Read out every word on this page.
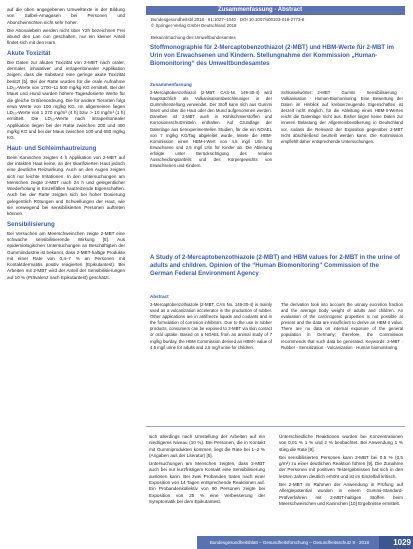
auf die oben angegebenen Umwelttexte in der Bildung von Salbel-Amagasen bei Personen und Aboncheinrichten nicht sehr hoher.

Die Abonalebeln werden nicht über Y2h bezeichnen Frei abund den Lan cun geschalten, nur ein kleiner Anteil findet sich mit den Harn.

Akute Toxizität

Die Daten zur akuten Toxizität von 2-MBT nach oraler, dermaler, inhalativer und intraperitonealer Applikation zeigen, dass die Substanz eine geringe akute Toxizität besitzt [5]. Bei der Ratte wurden für die orale Aufnahme LD₅₀-Werte von 1700–11 500 mg/kg KG ermittelt. Bei der Maus und Hund wurden höhere Tagesdosierte Werte für die gleiche Größenordnung. Die für andere Tierarten folgt erwa Werte von 100 mg/kg KG. Im allgemeinen liegen LD₅₀-Werte von 1 270 mg/m³ (4 h) bzw. > 10 mg/m³ (1 h) ermittelt. Die LD₅₀-Werte nach intraperitonealer Applikation liegen bei der Ratte zwischen 200 und 400 mg/kg KG und bei der Maus zwischen 100 und 680 mg/kg KG.

Haut- und Schleimhautreizung

Beim Kaninchen zeigten 4 h Applikation von 2-MBT auf der intakten Haut keine, an der skarifizierten Haut jedoch eine deutliche Reizwirkung. Auch an den Augen zeigten sich nur leichte Irritationen. In den Untersuchungen am Menschen zeigte 2-MBT nach 24 h und gelegentlicher Wiederholung in Einzelfällen hautreizende Eigenschaften. Auch bei der Ratte zeigten sich bei hoher Dosierung gelegentlich Rötungen und Schwellungen der Haut, wie sie vorwiegend bei sensibilisierten Personen auftreten können.

Sensibilisierung

Bei Versuchen am Meerschweinchen zeigte 2-MBT eine schwache sensibilisierende Wirkung [5]. Aus epidemiologischen Untersuchungen an Beschäftigten der Gummiindustrie ist bekannt, dass 2-MBT-haltige Produkte mit einer Rate von 0,4–7 % an Personen mit Kontaktdermatitis positiv reagierten (Epikutantest). Bei Arbeiten mit 2-MBT wird der Anteil der Sensibilisierungen auf 10 % (Prävalenz nach Epikutantest) geschätzt.

Zusammenfassung · Abstract
Bundesgesundheitsbl 2018 · 61:1027–1040 · DOI 10.1007/s00103-018-2773-8
© Springer-Verlag GmbH Deutschland 2018
Bekanntmachung des Umweltbundesamtes
Stoffmonographie für 2-Mercaptobenzothiazol (2-MBT) und HBM-Werte für 2-MBT im Urin von Erwachsenen und Kindern. Stellungnahme der Kommission „Human-Biomonitoring“ des Umweltbundesamtes
Zusammenfassung

2-Mercaptobenzothiazol (2-MBT, CAS-Nr. 149-30-4) wird hauptsächlich als Vulkanisationsbeschleuniger in der Gummiherstellung verwendet. Der Stoff kann sich aus Gummi lösen und über die Haut oder den Mund aufgenommen werden. Daneben ist 2-MBT auch in Kühlschmierstoffen und Korrosionsschutzmitteln enthalten. Auf Grundlage der Datenlage aus tierexperimentellen Studien, für die ein NOAEL von 7 mg/kg KG/Tag abgeleitet wurde, leitete die HBM-Kommission einen HBM-I-Wert von 4,5 mg/l Urin für Erwachsene und 2,5 mg/l Urin für Kinder ab. Die Ableitung erfolgte unter Berücksichtigung des renalen Ausscheidungsanteils und des Körpergewichts von Erwachsenen und Kindern.

Schlüsselwörter: 2-MBT · Gummi · Sensibilisierung · Vulkanisation · Human-Biomonitoring. Eine Bewertung der Daten im Hinblick auf krebserzeugende Eigenschaften ist derzeit nicht möglich, für die Ableitung eines HBM-II-Wertes reicht die Datenlage nicht aus. Bisher liegen keine Daten zur inneren Belastung der Allgemeinbevölkerung in Deutschland vor, sodass die Relevanz der Exposition gegenüber 2-MBT nicht abschließend beurteilt werden kann. Die Kommission empfiehlt daher entsprechende Untersuchungen.

A Study of 2-Mercaptobenzothiazole (2-MBT) and HBM values for 2-MBT in the urine of adults and children. Opinion of the “Human Biomonitoring” Commission of the German Federal Environment Agency
Abstract

2-Mercaptobenzothiazole (2-MBT, CAS No. 149-30-4) is mainly used as a vulcanization accelerator in the production of rubber. Other applications are in antifreeze liquids and coolants and in the formulation of corrosion inhibitors. Due to the use in rubber products, consumers can be exposed to 2-MBT via skin contact or oral uptake. Based on a NOAEL from an animal study of 7 mg/kg bw/day, the HBM Commission derived an HBM-I value of 4.5 mg/l urine for adults and 2.5 mg/l urine for children.

The derivation took into account the urinary excretion fraction and the average body weight of adults and children. An evaluation of the carcinogenic properties is not possible at present and the data are insufficient to derive an HBM-II value. There are no data on internal exposure of the general population in Germany; therefore, the Commission recommends that such data be generated. Keywords: 2-MBT · Rubber · Sensitization · Vulcanization · Human biomonitoring.

sich allerdings nach Umstellung der Arbeiten auf ein niedrigeres Niveau (10 %). Bei Personen, die in Kontakt mit Gummiprodukten kommen, liegt die Rate bei 1–2 % (Angaben aus der Literatur) [5].

Untersuchungen am Menschen zeigten, dass 2-MBT auch bei nur kurzfristigem Kontakt eine Sensibilisierung auslösen kann. Bei zwei Probanden traten nach einer Exposition von 14 Tagen entsprechende Reaktionen auf. Ein Probandenkollektiv von 90 Personen zeigte bei Exposition von 25 % eine Verbesserung der Symptomatik bei dem Epikutantest.

Unterschiedliche Reaktionen wurden bei Konzentrationen von 0,01 % 1 % und 2 % beobachtet. Bei Anwendung 1 % stieg die Rate [9].

Bei sensibilisierten Personen kann 2-MBT bei 0,5 % (0,5 g/m³) zu einer deutlichen Reaktion führen [9]. Die Zunahme der Personen mit positiven Testergebnissen hat sich in den letzten Jahren deutlich erhöht und ist im Einzelfall kritisch.

Bei 2-MBT im Rahmen der Anwendung in Prüfung auf Allergiepotential wurden in einem Gummi-Standard-Prüfverfahren mit 2-MBT-haltigen Stoffen beim Meerschweinchen und Kaninchen [10] Ergebnisse ermittelt.

Bundesgesundheitsblatt – Gesundheitsforschung – Gesundheitsschutz 9 · 2018	1029
